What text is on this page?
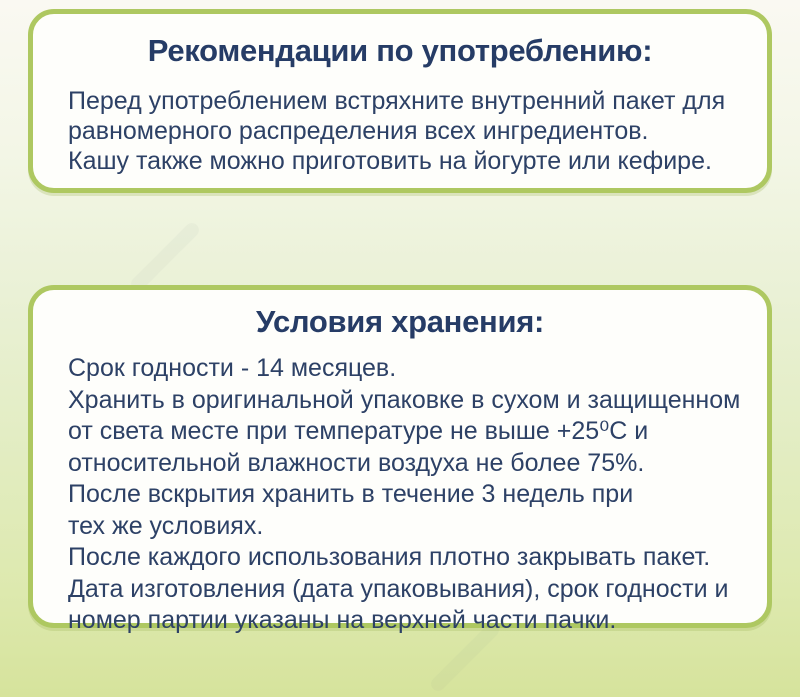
Рекомендации по употреблению:
Перед употреблением встряхните внутренний пакет для
равномерного распределения всех ингредиентов.
Кашу также можно приготовить на йогурте или кефире.
Условия хранения:
Срок годности - 14 месяцев.
Хранить в оригинальной упаковке в сухом и защищенном
от света месте при температуре не выше +25⁰С и
относительной влажности воздуха не более 75%.
После вскрытия хранить в течение 3 недель при
тех же условиях.
После каждого использования плотно закрывать пакет.
Дата изготовления (дата упаковывания), срок годности и
номер партии указаны на верхней части пачки.
